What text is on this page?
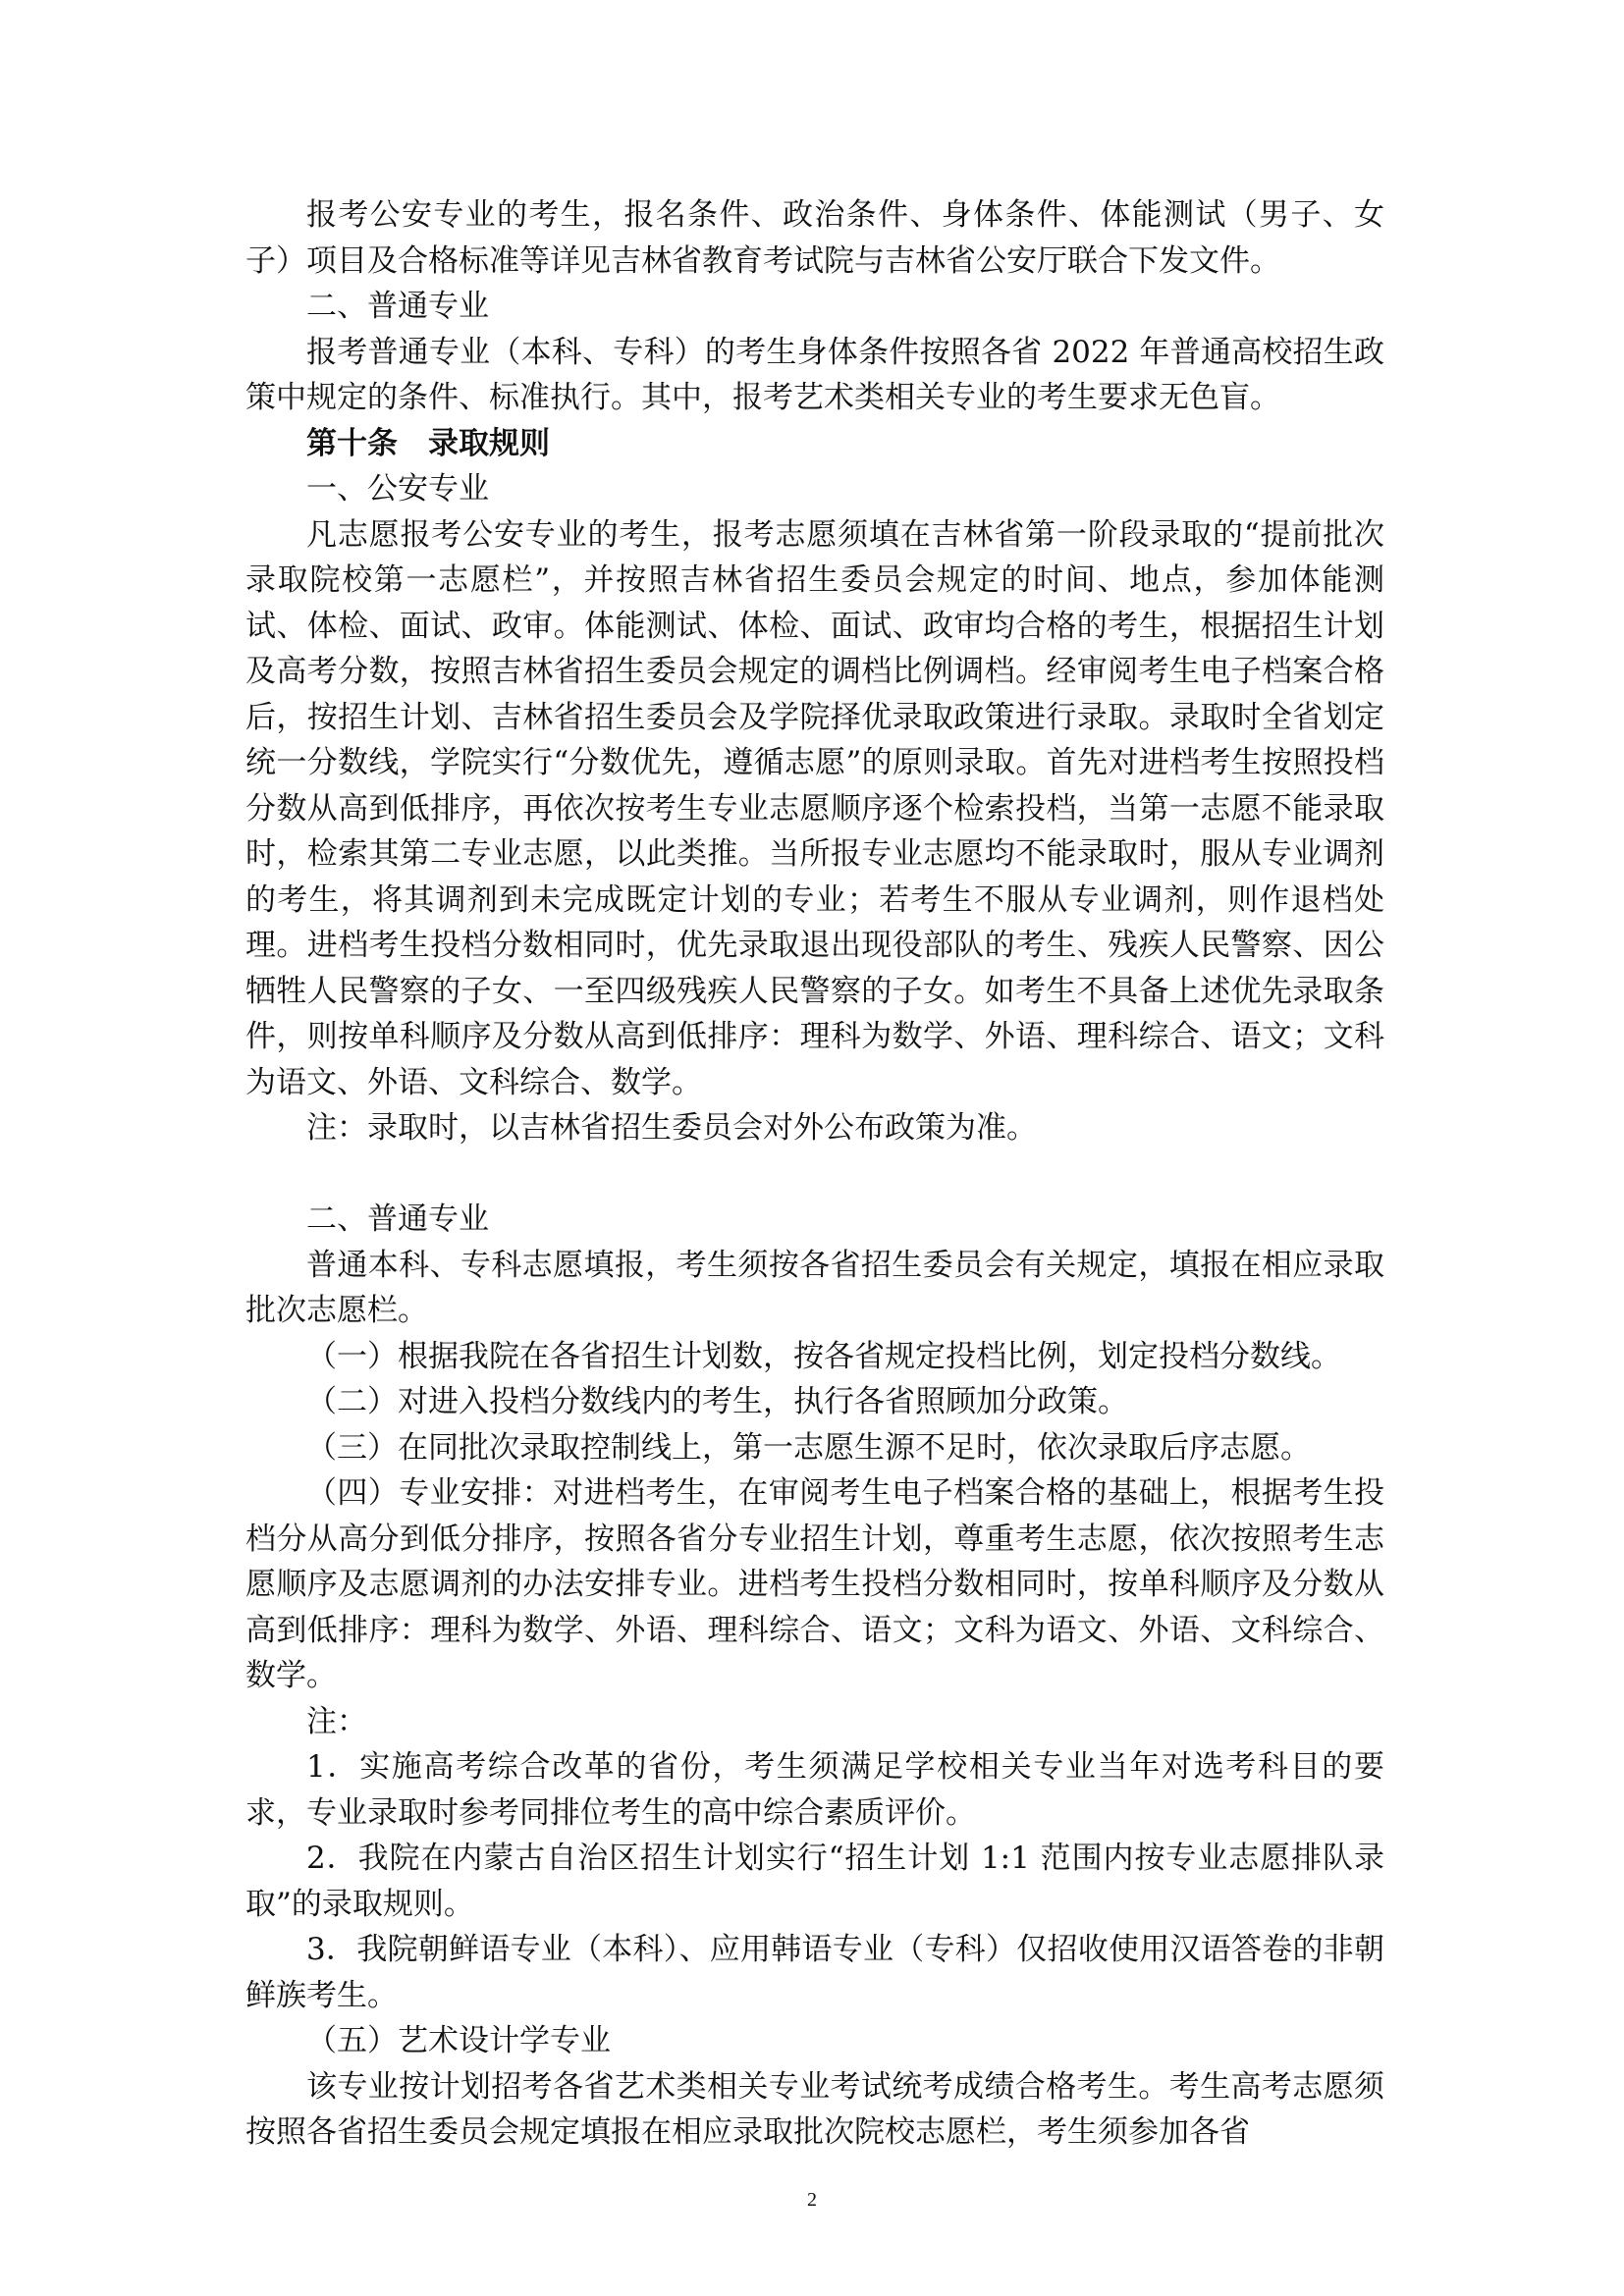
报考公安专业的考生，报名条件、政治条件、身体条件、体能测试（男子、女子）项目及合格标准等详见吉林省教育考试院与吉林省公安厅联合下发文件。

二、普通专业

报考普通专业（本科、专科）的考生身体条件按照各省 2022 年普通高校招生政策中规定的条件、标准执行。其中，报考艺术类相关专业的考生要求无色盲。

第十条　录取规则

一、公安专业

凡志愿报考公安专业的考生，报考志愿须填在吉林省第一阶段录取的“提前批次录取院校第一志愿栏”，并按照吉林省招生委员会规定的时间、地点，参加体能测试、体检、面试、政审。体能测试、体检、面试、政审均合格的考生，根据招生计划及高考分数，按照吉林省招生委员会规定的调档比例调档。经审阅考生电子档案合格后，按招生计划、吉林省招生委员会及学院择优录取政策进行录取。录取时全省划定统一分数线，学院实行“分数优先，遵循志愿”的原则录取。首先对进档考生按照投档分数从高到低排序，再依次按考生专业志愿顺序逐个检索投档，当第一志愿不能录取时，检索其第二专业志愿，以此类推。当所报专业志愿均不能录取时，服从专业调剂的考生，将其调剂到未完成既定计划的专业；若考生不服从专业调剂，则作退档处理。进档考生投档分数相同时，优先录取退出现役部队的考生、残疾人民警察、因公牺牲人民警察的子女、一至四级残疾人民警察的子女。如考生不具备上述优先录取条件，则按单科顺序及分数从高到低排序：理科为数学、外语、理科综合、语文；文科为语文、外语、文科综合、数学。

注：录取时，以吉林省招生委员会对外公布政策为准。

二、普通专业

普通本科、专科志愿填报，考生须按各省招生委员会有关规定，填报在相应录取批次志愿栏。

（一）根据我院在各省招生计划数，按各省规定投档比例，划定投档分数线。

（二）对进入投档分数线内的考生，执行各省照顾加分政策。

（三）在同批次录取控制线上，第一志愿生源不足时，依次录取后序志愿。

（四）专业安排：对进档考生，在审阅考生电子档案合格的基础上，根据考生投档分从高分到低分排序，按照各省分专业招生计划，尊重考生志愿，依次按照考生志愿顺序及志愿调剂的办法安排专业。进档考生投档分数相同时，按单科顺序及分数从高到低排序：理科为数学、外语、理科综合、语文；文科为语文、外语、文科综合、数学。

注：

1．实施高考综合改革的省份，考生须满足学校相关专业当年对选考科目的要求，专业录取时参考同排位考生的高中综合素质评价。

2．我院在内蒙古自治区招生计划实行“招生计划 1:1 范围内按专业志愿排队录取”的录取规则。

3．我院朝鲜语专业（本科）、应用韩语专业（专科）仅招收使用汉语答卷的非朝鲜族考生。

（五）艺术设计学专业

该专业按计划招考各省艺术类相关专业考试统考成绩合格考生。考生高考志愿须按照各省招生委员会规定填报在相应录取批次院校志愿栏，考生须参加各省

2
